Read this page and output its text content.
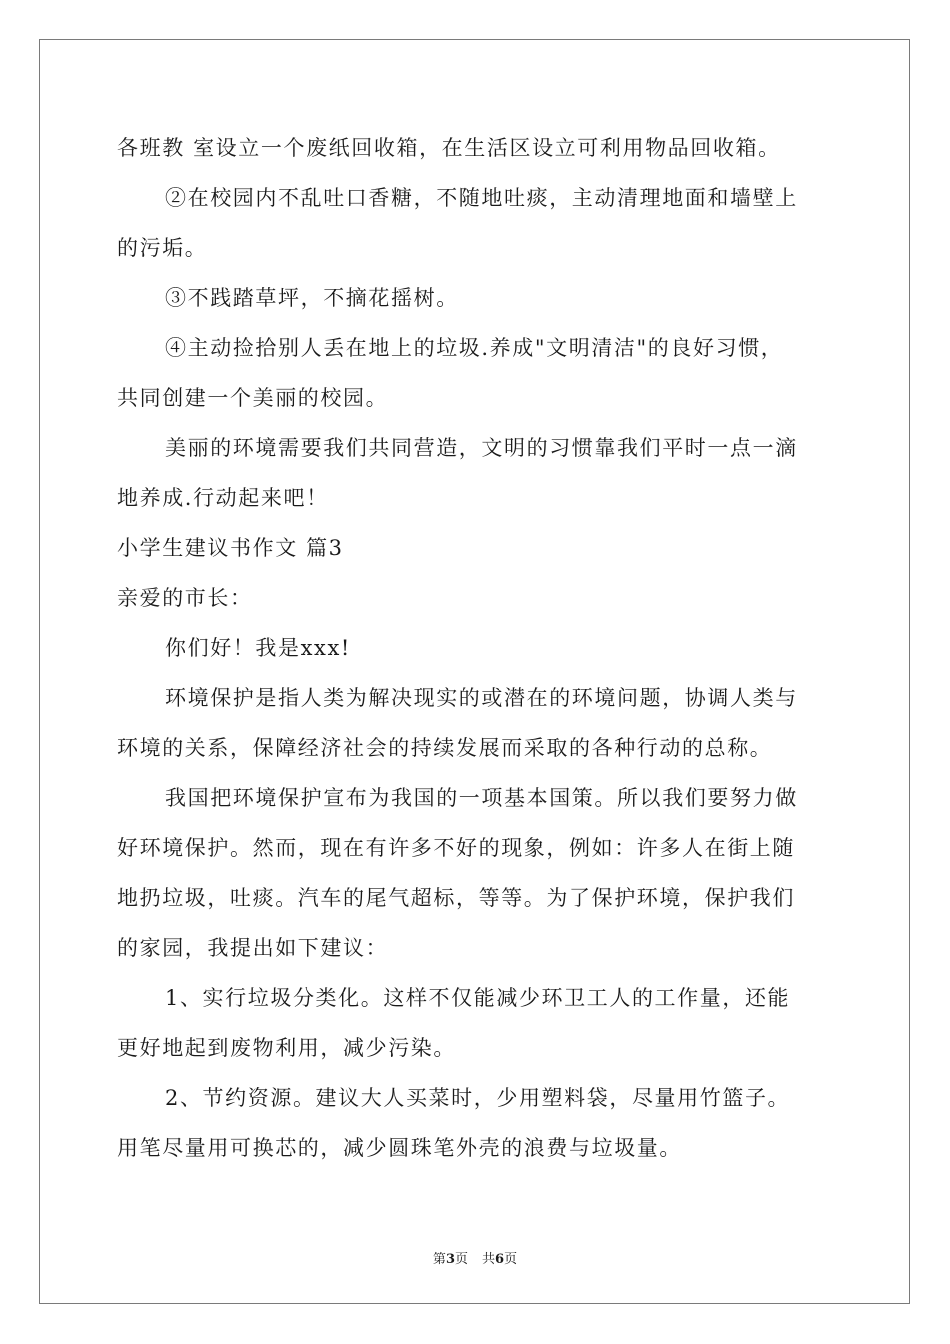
各班教 室设立一个废纸回收箱，在生活区设立可利用物品回收箱。
②在校园内不乱吐口香糖，不随地吐痰，主动清理地面和墙壁上
的污垢。
③不践踏草坪，不摘花摇树。
④主动捡拾别人丢在地上的垃圾.养成"文明清洁"的良好习惯，
共同创建一个美丽的校园。
美丽的环境需要我们共同营造，文明的习惯靠我们平时一点一滴
地养成.行动起来吧！
小学生建议书作文 篇3
亲爱的市长：
你们好！我是xxx!
环境保护是指人类为解决现实的或潜在的环境问题，协调人类与
环境的关系，保障经济社会的持续发展而采取的各种行动的总称。
我国把环境保护宣布为我国的一项基本国策。所以我们要努力做
好环境保护。然而，现在有许多不好的现象，例如：许多人在街上随
地扔垃圾，吐痰。汽车的尾气超标，等等。为了保护环境，保护我们
的家园，我提出如下建议：
1、实行垃圾分类化。这样不仅能减少环卫工人的工作量，还能
更好地起到废物利用，减少污染。
2、节约资源。建议大人买菜时，少用塑料袋，尽量用竹篮子。
用笔尽量用可换芯的，减少圆珠笔外壳的浪费与垃圾量。
第3页 共6页
